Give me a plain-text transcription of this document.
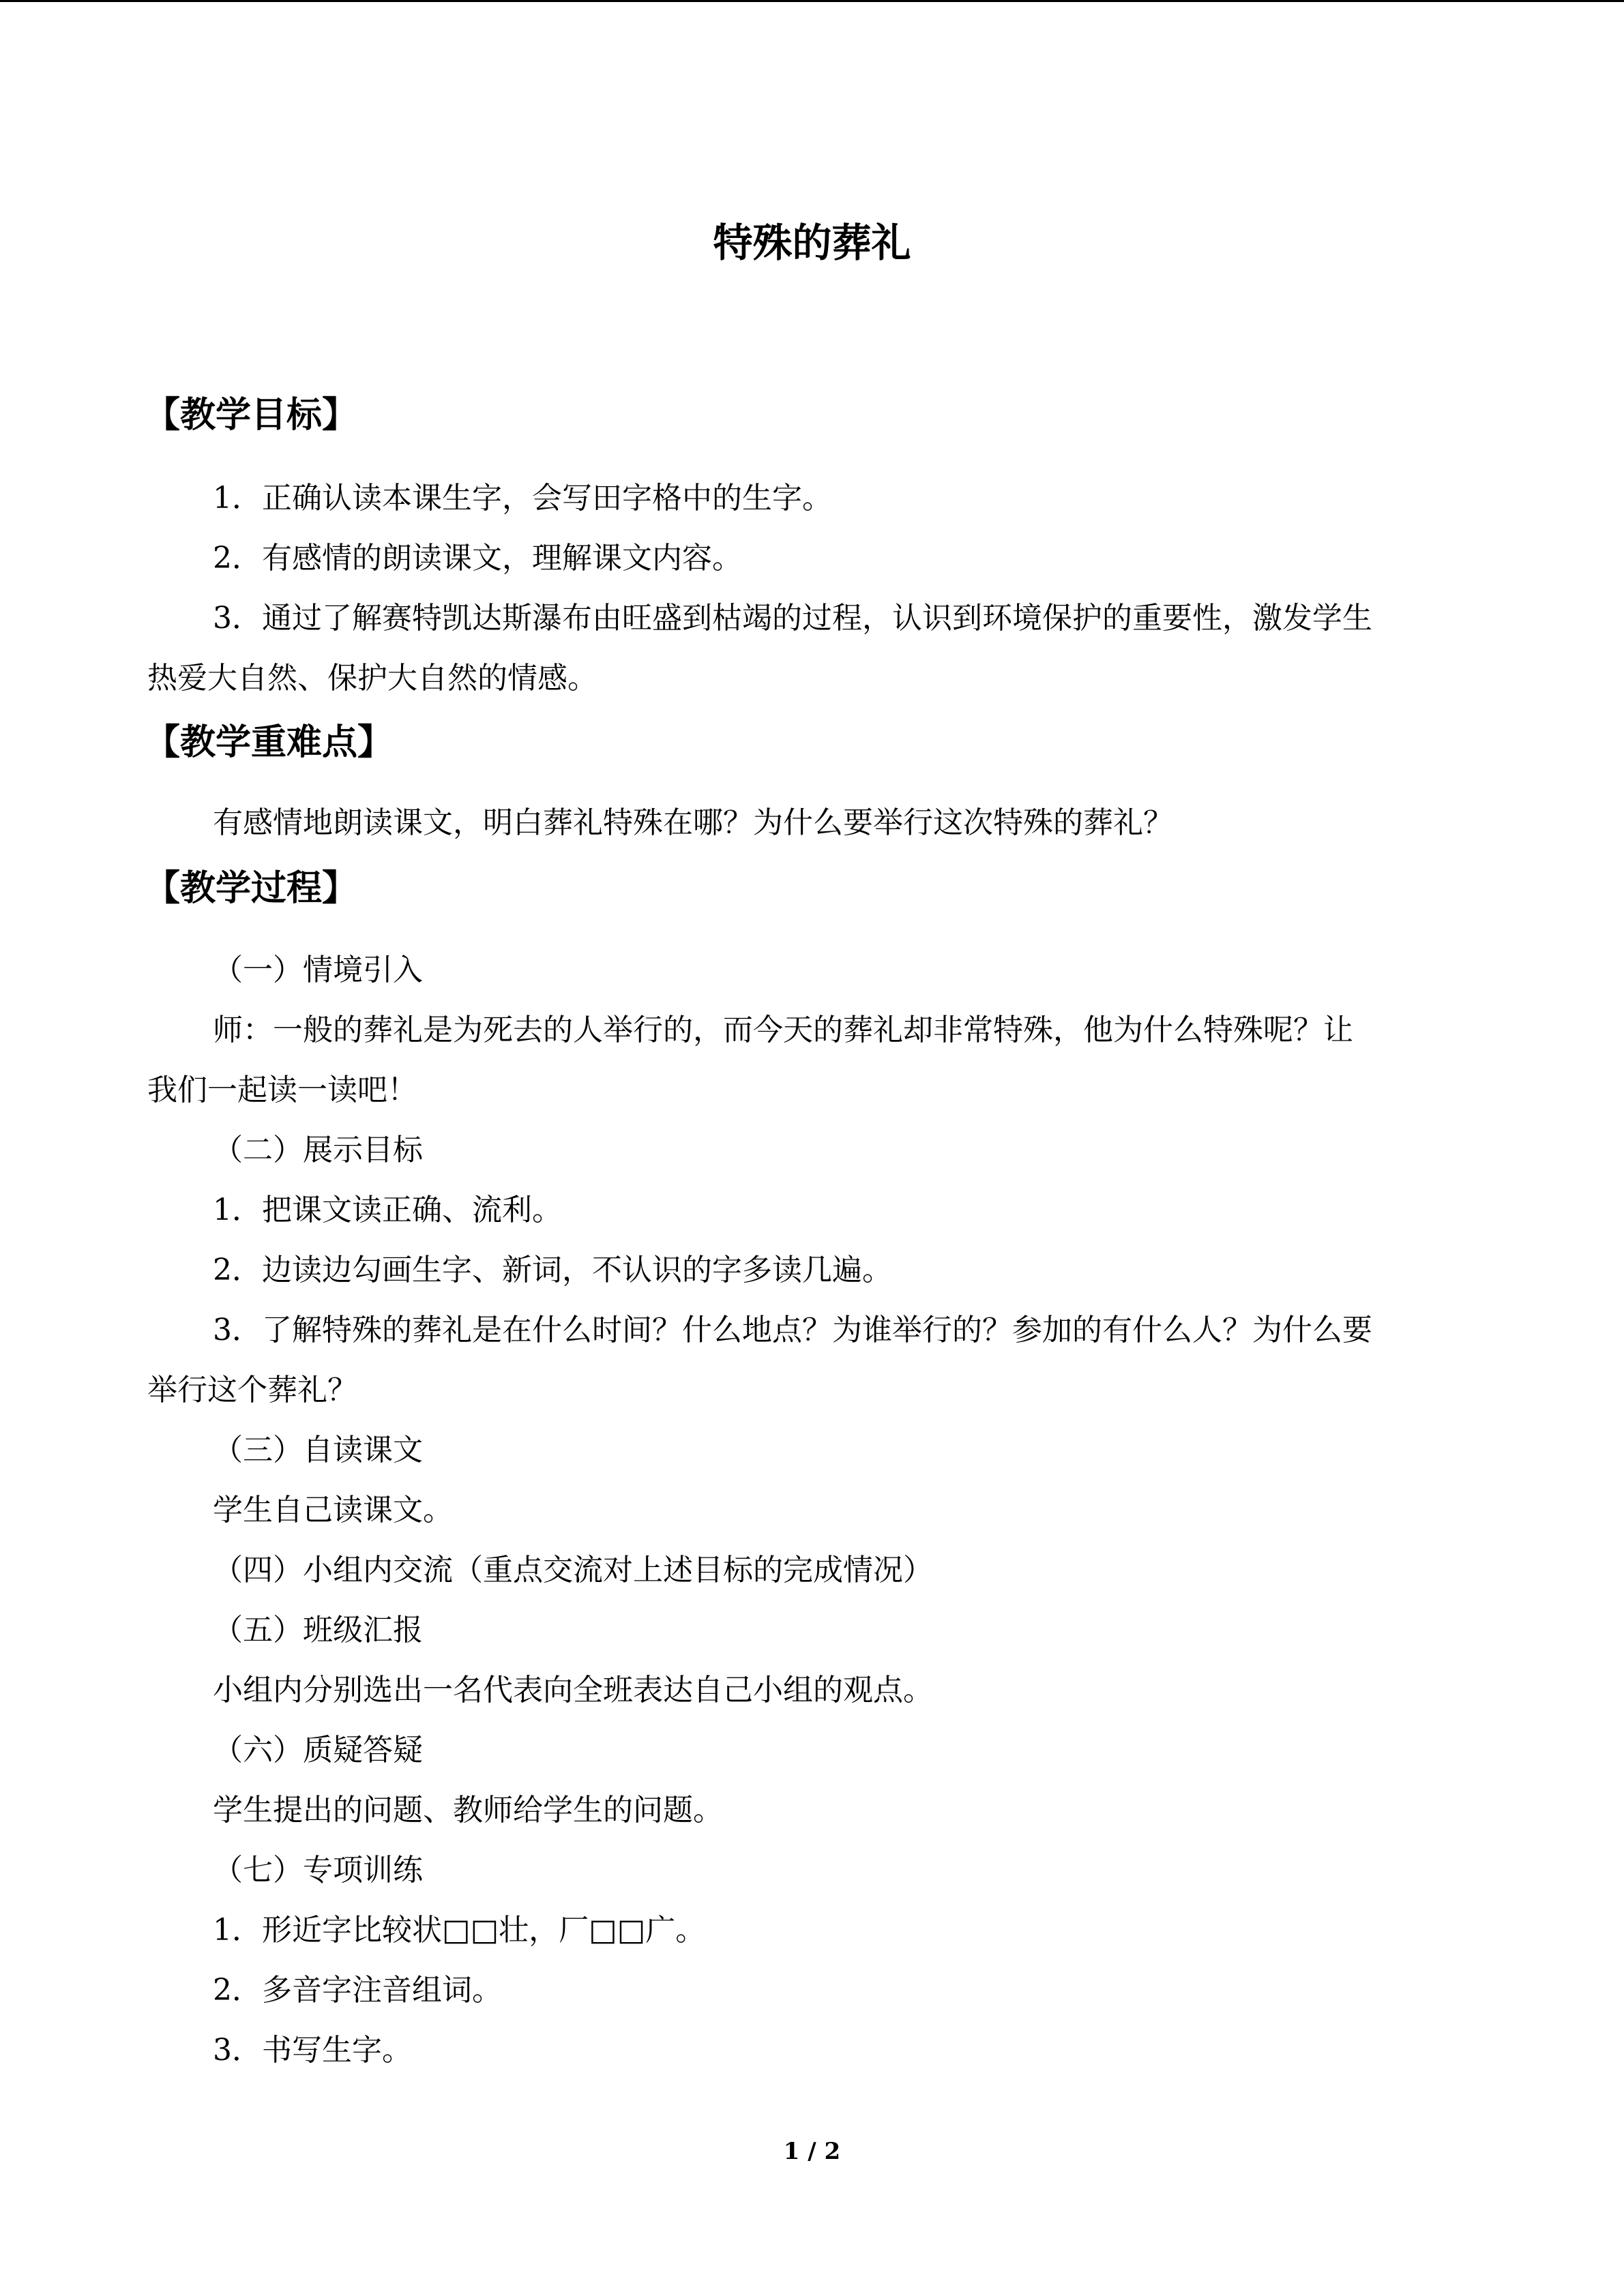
特殊的葬礼
【教学目标】
1．正确认读本课生字，会写田字格中的生字。
2．有感情的朗读课文，理解课文内容。
3．通过了解赛特凯达斯瀑布由旺盛到枯竭的过程，认识到环境保护的重要性，激发学生
热爱大自然、保护大自然的情感。
【教学重难点】
有感情地朗读课文，明白葬礼特殊在哪？为什么要举行这次特殊的葬礼？
【教学过程】
（一）情境引入
师：一般的葬礼是为死去的人举行的，而今天的葬礼却非常特殊，他为什么特殊呢？让
我们一起读一读吧！
（二）展示目标
1．把课文读正确、流利。
2．边读边勾画生字、新词，不认识的字多读几遍。
3．了解特殊的葬礼是在什么时间？什么地点？为谁举行的？参加的有什么人？为什么要
举行这个葬礼？
（三）自读课文
学生自己读课文。
（四）小组内交流（重点交流对上述目标的完成情况）
（五）班级汇报
小组内分别选出一名代表向全班表达自己小组的观点。
（六）质疑答疑
学生提出的问题、教师给学生的问题。
（七）专项训练
1．形近字比较状□□壮，厂□□广。
2．多音字注音组词。
3．书写生字。
1 / 2
